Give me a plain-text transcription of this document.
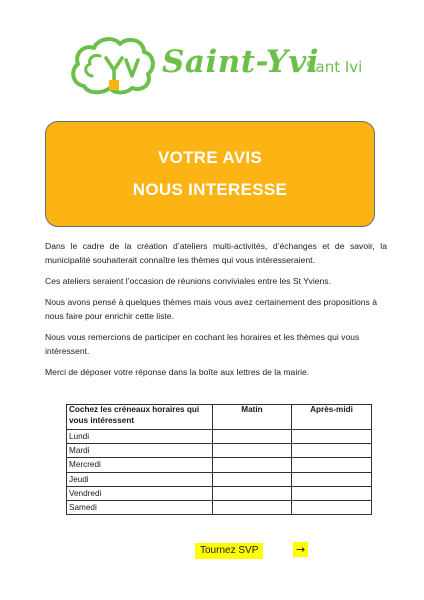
Saint-Yvi
Sant Ivi
VOTRE AVIS
NOUS INTERESSE
Dans le cadre de la création d’ateliers multi-activités, d’échanges et de savoir, la municipalité souhaiterait connaître les thèmes qui vous intéresseraient.
Ces ateliers seraient l’occasion de réunions conviviales entre les St Yviens.
Nous avons pensé à quelques thèmes mais vous avez certainement des propositions à nous faire pour enrichir cette liste.
Nous vous remercions de participer en cochant les horaires et les thèmes qui vous intéressent.
Merci de déposer votre réponse dans la boîte aux lettres de la mairie.
Cochez les créneaux horaires qui vous intéressent	Matin	Après-midi
Lundi		
Mardi		
Mercredi		
Jeudi		
Vendredi		
Samedi		
Tournez SVP	→
